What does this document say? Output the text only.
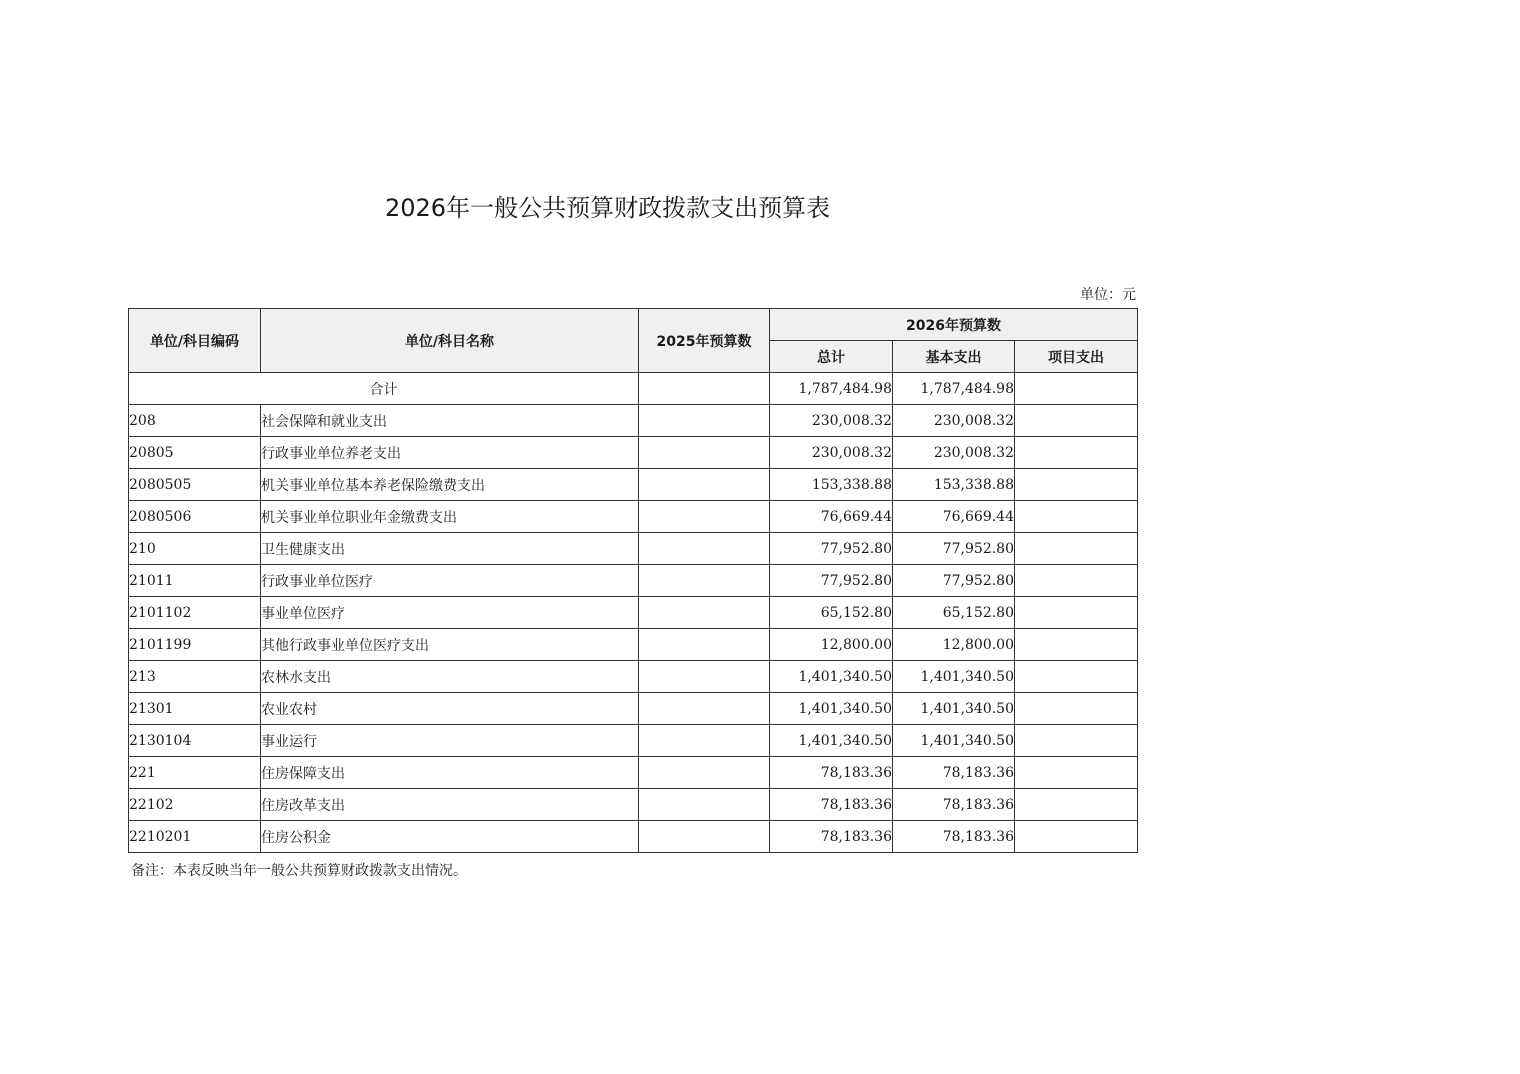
2026年一般公共预算财政拨款支出预算表
单位：元
单位/科目编码	单位/科目名称	2025年预算数	2026年预算数		
			总计	基本支出	项目支出
合计			1,787,484.98	1,787,484.98	
208	社会保障和就业支出		230,008.32	230,008.32	
20805	行政事业单位养老支出		230,008.32	230,008.32	
2080505	机关事业单位基本养老保险缴费支出		153,338.88	153,338.88	
2080506	机关事业单位职业年金缴费支出		76,669.44	76,669.44	
210	卫生健康支出		77,952.80	77,952.80	
21011	行政事业单位医疗		77,952.80	77,952.80	
2101102	事业单位医疗		65,152.80	65,152.80	
2101199	其他行政事业单位医疗支出		12,800.00	12,800.00	
213	农林水支出		1,401,340.50	1,401,340.50	
21301	农业农村		1,401,340.50	1,401,340.50	
2130104	事业运行		1,401,340.50	1,401,340.50	
221	住房保障支出		78,183.36	78,183.36	
22102	住房改革支出		78,183.36	78,183.36	
2210201	住房公积金		78,183.36	78,183.36	
备注：本表反映当年一般公共预算财政拨款支出情况。
